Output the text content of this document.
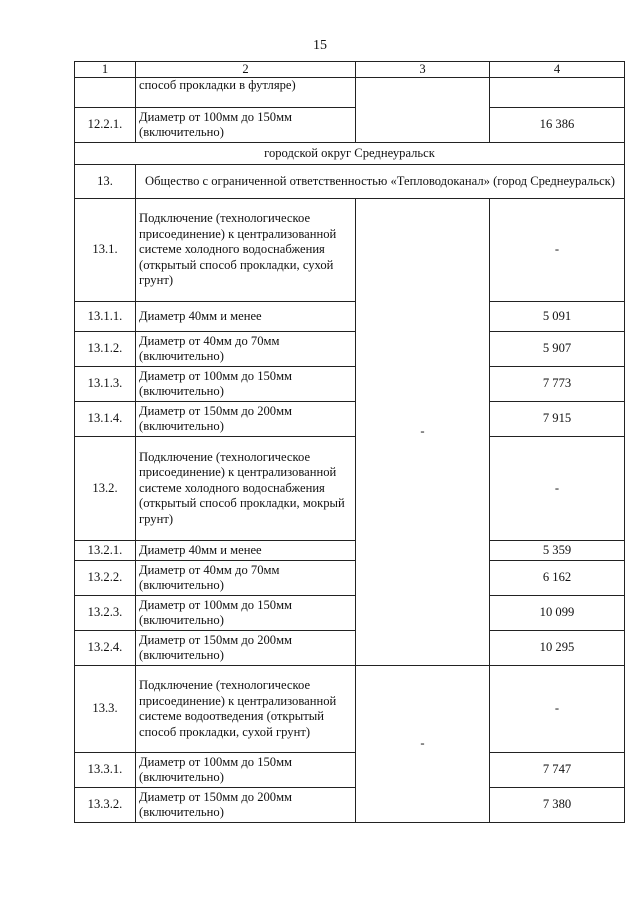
15
1	2	3	4
	способ прокладки в футляре)		
12.2.1.	Диаметр от 100мм до 150мм (включительно)		16 386
городской округ Среднеуральск			
13.	Общество с ограниченной ответственностью «Тепловодоканал» (город Среднеуральск)		
13.1.	Подключение (технологическое присоединение) к централизованной системе холодного водоснабжения (открытый способ прокладки, сухой грунт)	-	-
13.1.1.	Диаметр 40мм и менее		5 091
13.1.2.	Диаметр от 40мм до 70мм (включительно)		5 907
13.1.3.	Диаметр от 100мм до 150мм (включительно)		7 773
13.1.4.	Диаметр от 150мм до 200мм (включительно)		7 915
13.2.	Подключение (технологическое присоединение) к централизованной системе холодного водоснабжения (открытый способ прокладки, мокрый грунт)		-
13.2.1.	Диаметр 40мм и менее		5 359
13.2.2.	Диаметр от 40мм до 70мм (включительно)		6 162
13.2.3.	Диаметр от 100мм до 150мм (включительно)		10 099
13.2.4.	Диаметр от 150мм до 200мм (включительно)		10 295
13.3.	Подключение (технологическое присоединение) к централизованной системе водоотведения (открытый способ прокладки, сухой грунт)	-	-
13.3.1.	Диаметр от 100мм до 150мм (включительно)		7 747
13.3.2.	Диаметр от 150мм до 200мм (включительно)		7 380
